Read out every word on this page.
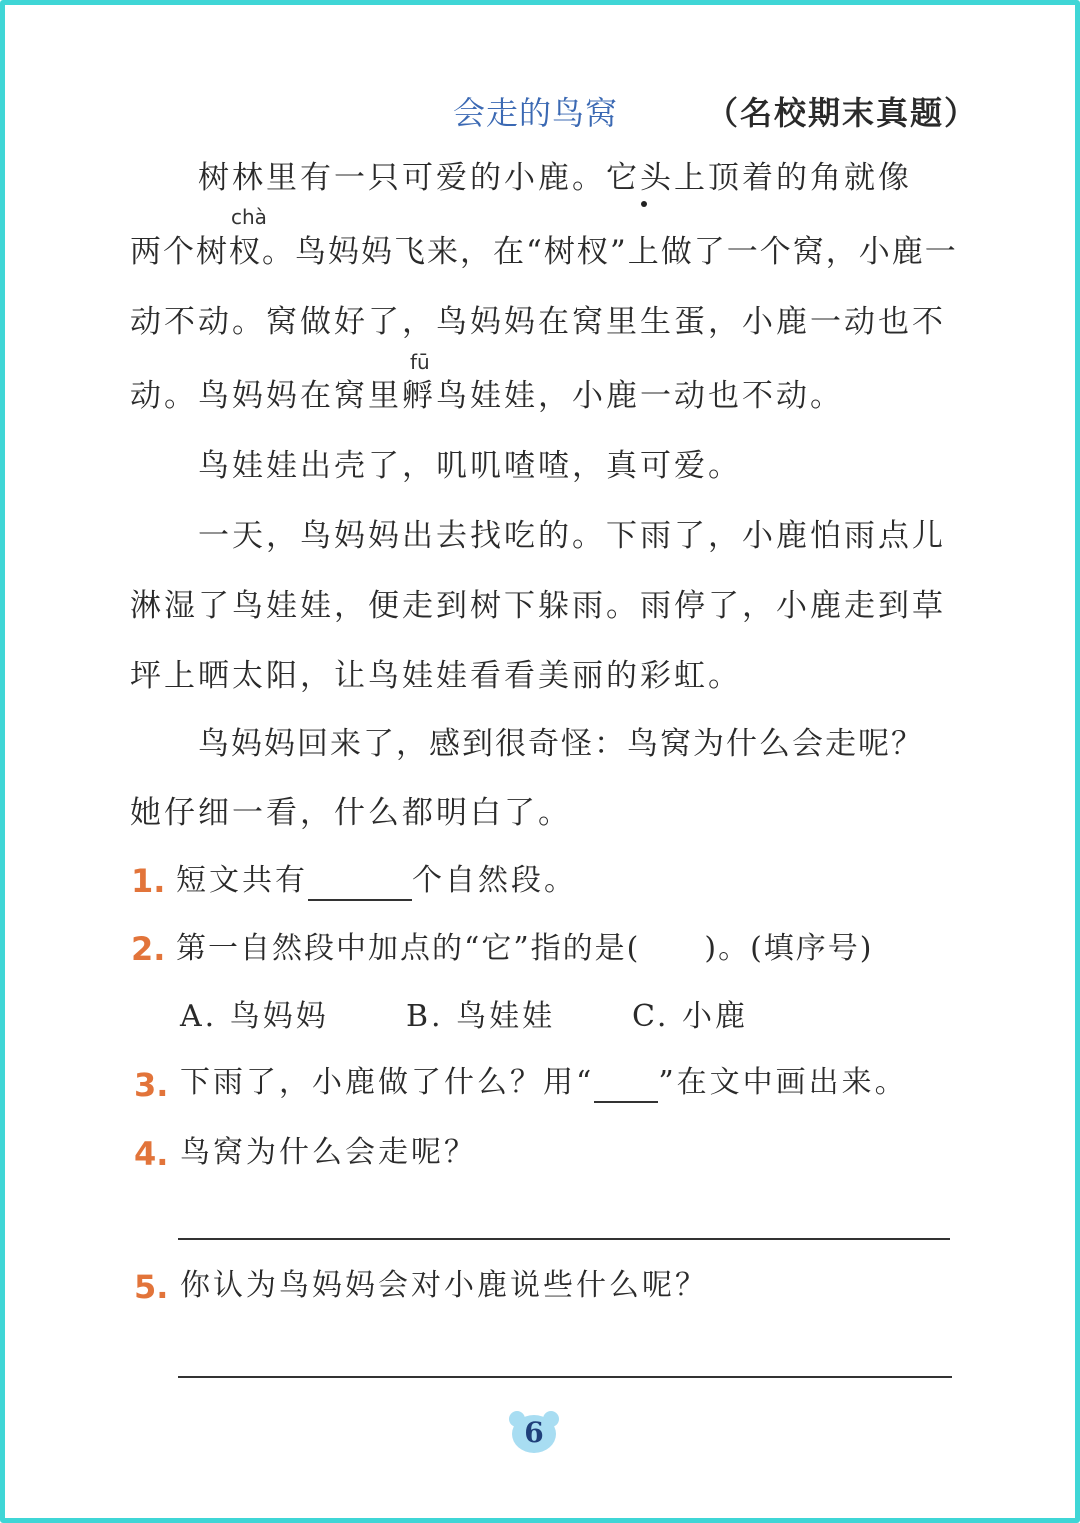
会走的鸟窝	（名校期末真题）
树林里有一只可爱的小鹿。它头上顶着的角就像
chà
两个树杈。鸟妈妈飞来，在“树杈”上做了一个窝，小鹿一
动不动。窝做好了，鸟妈妈在窝里生蛋，小鹿一动也不
fū
动。鸟妈妈在窝里孵鸟娃娃，小鹿一动也不动。
鸟娃娃出壳了，叽叽喳喳，真可爱。
一天，鸟妈妈出去找吃的。下雨了，小鹿怕雨点儿
淋湿了鸟娃娃，便走到树下躲雨。雨停了，小鹿走到草
坪上晒太阳，让鸟娃娃看看美丽的彩虹。
鸟妈妈回来了，感到很奇怪：鸟窝为什么会走呢？
她仔细一看，什么都明白了。
1. 短文共有	个自然段。
2. 第一自然段中加点的“它”指的是(　　)。(填序号)
A. 鸟妈妈	B. 鸟娃娃	C. 小鹿
3. 下雨了，小鹿做了什么？用“ ”在文中画出来。
4. 鸟窝为什么会走呢？
5. 你认为鸟妈妈会对小鹿说些什么呢？
6
